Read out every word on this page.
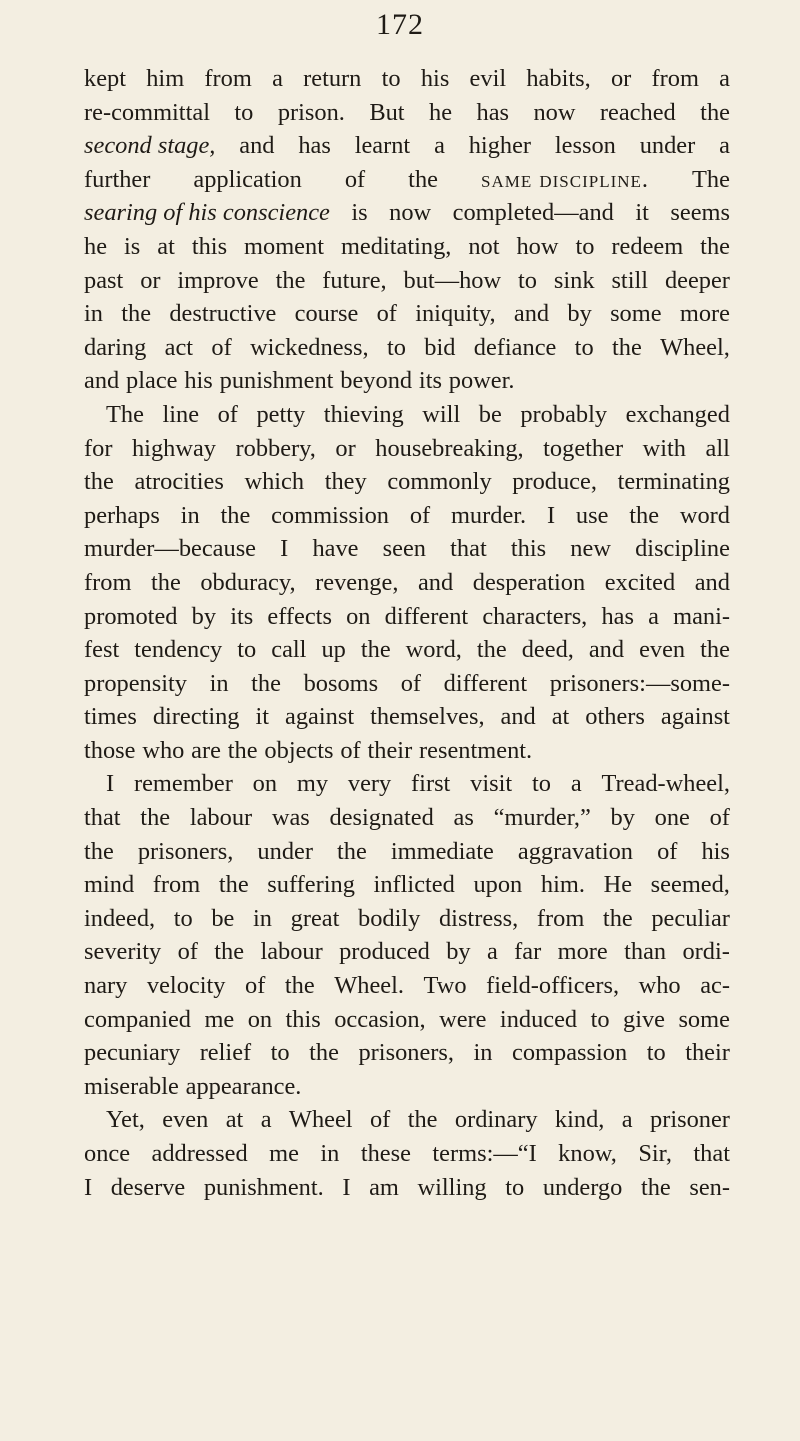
172
kept him from a return to his evil habits, or from a
re-committal to prison. But he has now reached the
second stage, and has learnt a higher lesson under a
further application of the same discipline. The
searing of his conscience is now completed—and it seems
he is at this moment meditating, not how to redeem the
past or improve the future, but—how to sink still deeper
in the destructive course of iniquity, and by some more
daring act of wickedness, to bid defiance to the Wheel,
and place his punishment beyond its power.
The line of petty thieving will be probably exchanged
for highway robbery, or housebreaking, together with all
the atrocities which they commonly produce, terminating
perhaps in the commission of murder. I use the word
murder—because I have seen that this new discipline
from the obduracy, revenge, and desperation excited and
promoted by its effects on different characters, has a mani-
fest tendency to call up the word, the deed, and even the
propensity in the bosoms of different prisoners:—some-
times directing it against themselves, and at others against
those who are the objects of their resentment.
I remember on my very first visit to a Tread-wheel,
that the labour was designated as “murder,” by one of
the prisoners, under the immediate aggravation of his
mind from the suffering inflicted upon him. He seemed,
indeed, to be in great bodily distress, from the peculiar
severity of the labour produced by a far more than ordi-
nary velocity of the Wheel. Two field-officers, who ac-
companied me on this occasion, were induced to give some
pecuniary relief to the prisoners, in compassion to their
miserable appearance.
Yet, even at a Wheel of the ordinary kind, a prisoner
once addressed me in these terms:—“I know, Sir, that
I deserve punishment. I am willing to undergo the sen-
